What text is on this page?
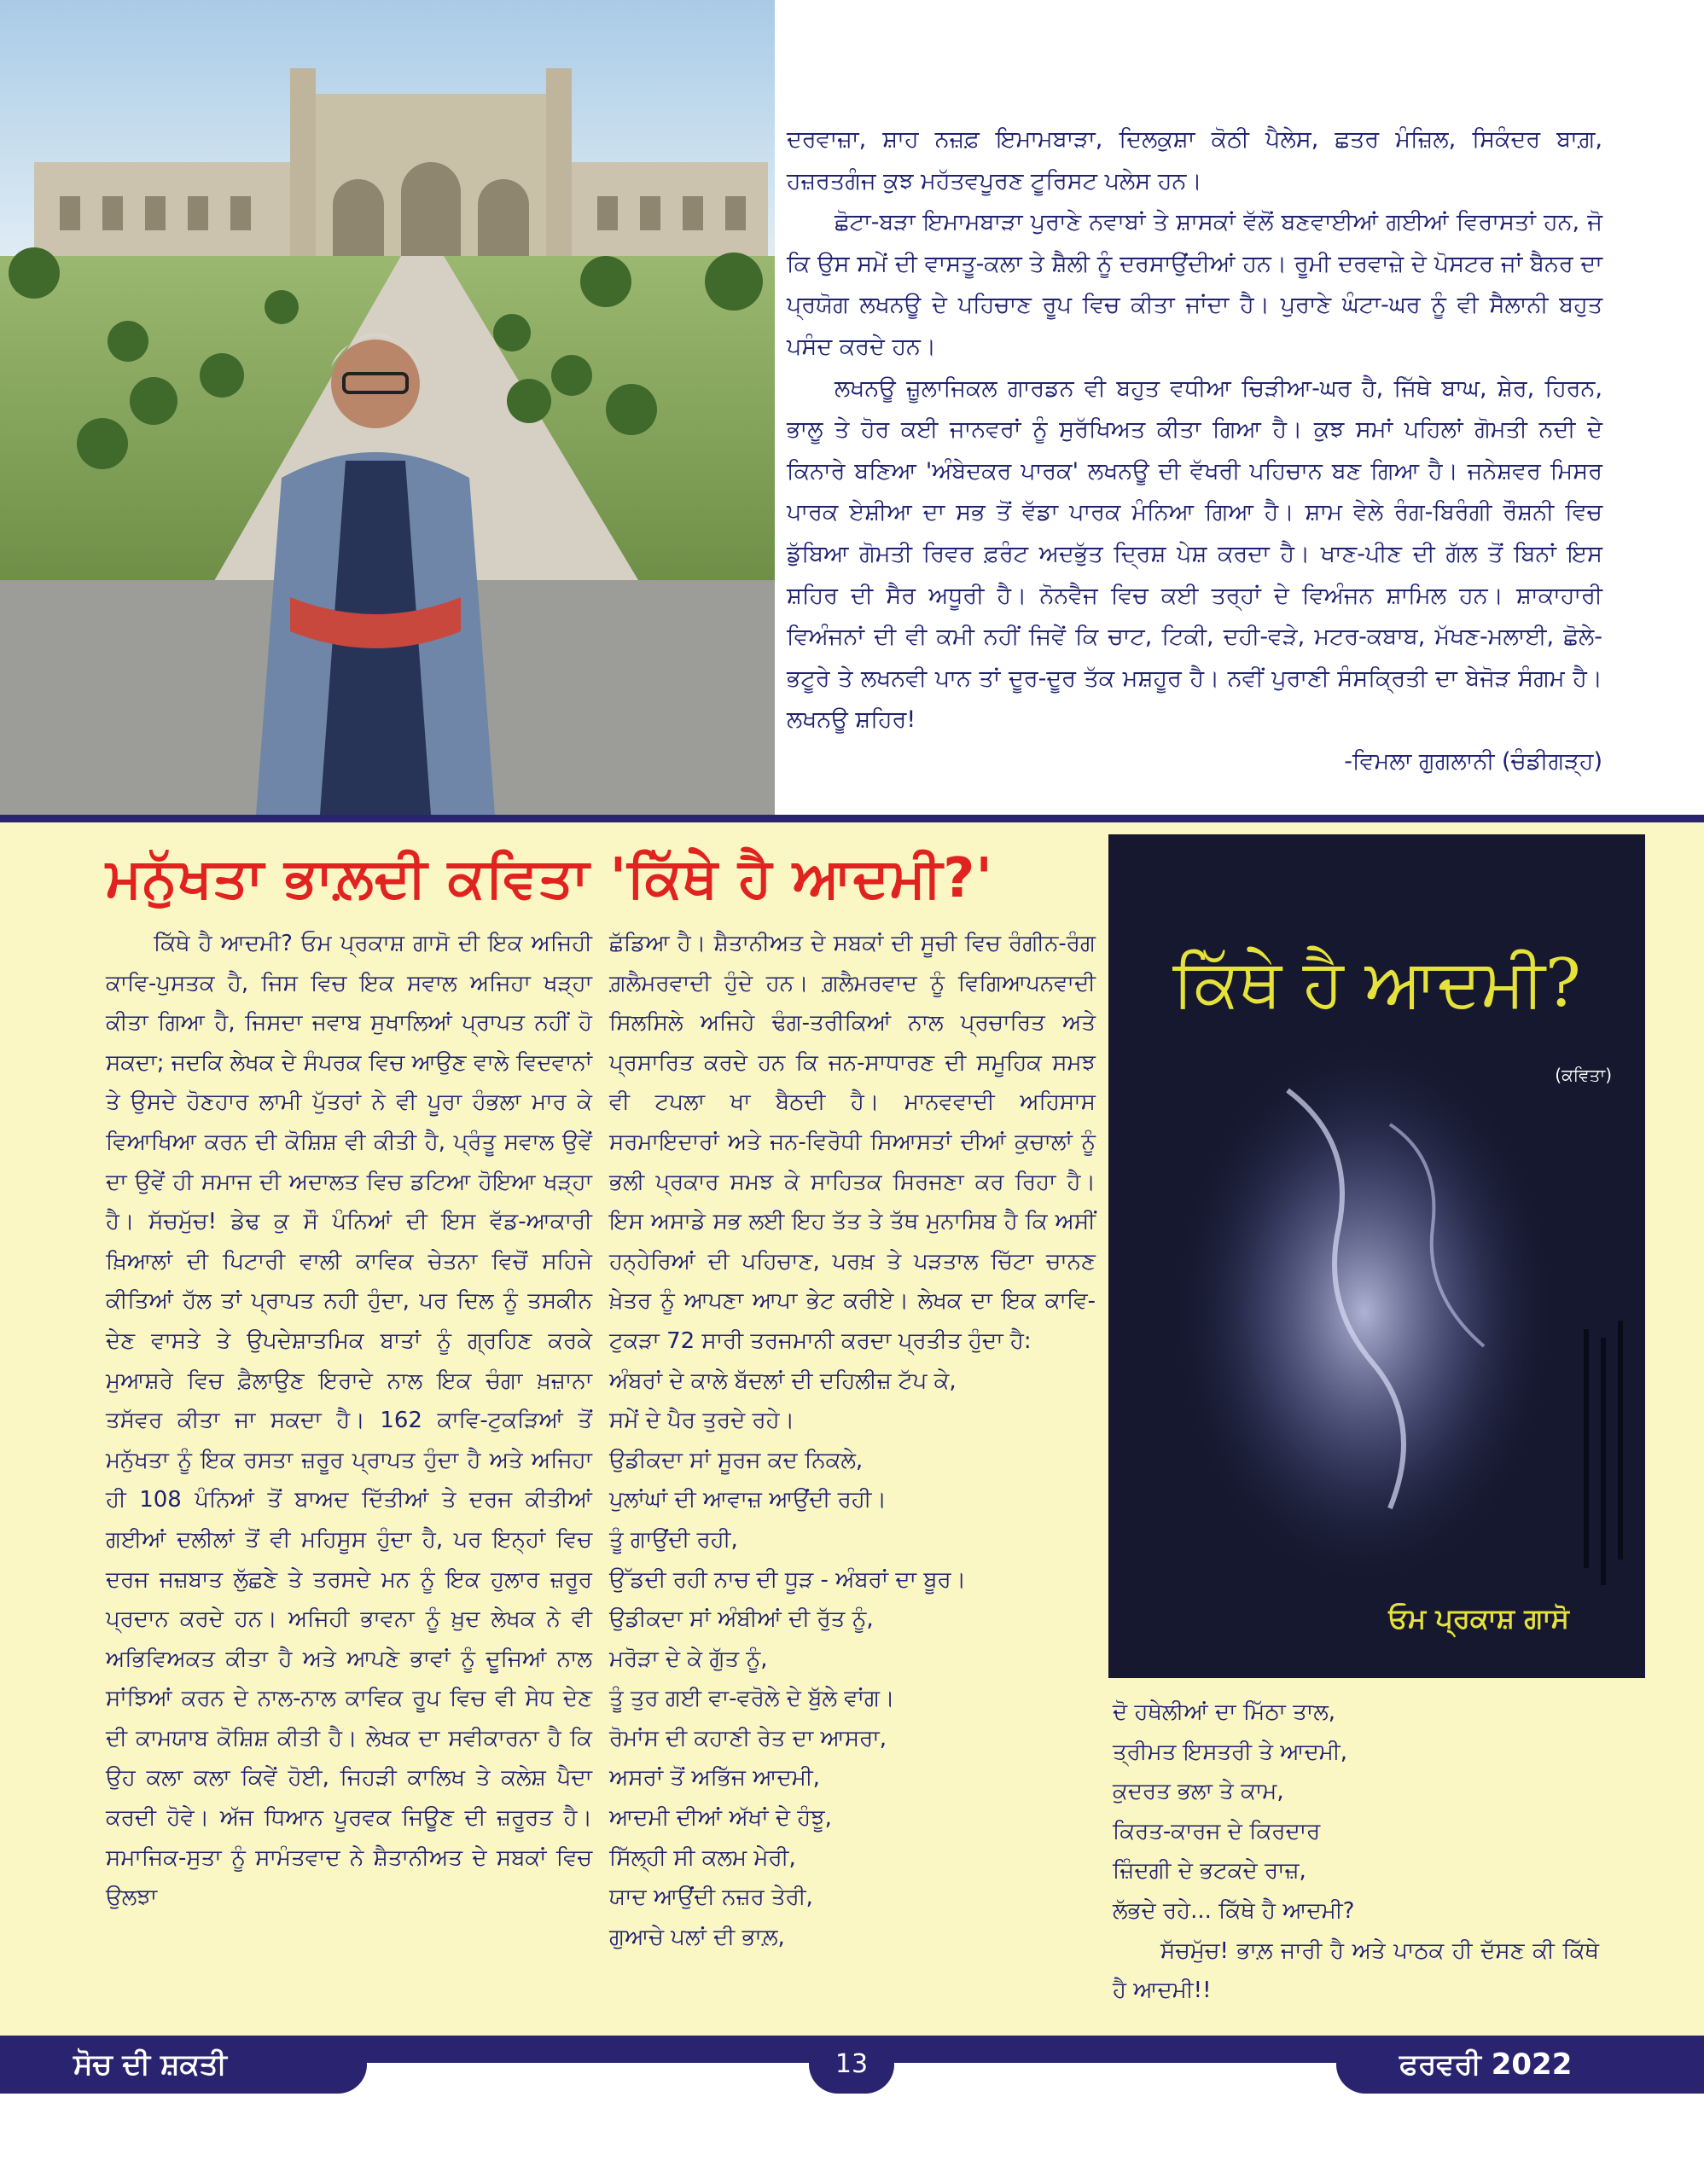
ਦਰਵਾਜ਼ਾ, ਸ਼ਾਹ ਨਜ਼ਫ਼ ਇਮਾਮਬਾੜਾ, ਦਿਲਕੁਸ਼ਾ ਕੋਠੀ ਪੈਲੇਸ, ਛਤਰ ਮੰਜ਼ਿਲ, ਸਿਕੰਦਰ ਬਾਗ਼, ਹਜ਼ਰਤਗੰਜ ਕੁਝ ਮਹੱਤਵਪੂਰਣ ਟੂਰਿਸਟ ਪਲੇਸ ਹਨ।

ਛੋਟਾ-ਬੜਾ ਇਮਾਮਬਾੜਾ ਪੁਰਾਣੇ ਨਵਾਬਾਂ ਤੇ ਸ਼ਾਸਕਾਂ ਵੱਲੋਂ ਬਣਵਾਈਆਂ ਗਈਆਂ ਵਿਰਾਸਤਾਂ ਹਨ, ਜੋ ਕਿ ਉਸ ਸਮੇਂ ਦੀ ਵਾਸਤੂ-ਕਲਾ ਤੇ ਸ਼ੈਲੀ ਨੂੰ ਦਰਸਾਉਂਦੀਆਂ ਹਨ। ਰੂਮੀ ਦਰਵਾਜ਼ੇ ਦੇ ਪੋਸਟਰ ਜਾਂ ਬੈਨਰ ਦਾ ਪ੍ਰਯੋਗ ਲਖਨਊ ਦੇ ਪਹਿਚਾਣ ਰੂਪ ਵਿਚ ਕੀਤਾ ਜਾਂਦਾ ਹੈ। ਪੁਰਾਣੇ ਘੰਟਾ-ਘਰ ਨੂੰ ਵੀ ਸੈਲਾਨੀ ਬਹੁਤ ਪਸੰਦ ਕਰਦੇ ਹਨ।

ਲਖਨਊ ਜ਼ੂਲਾਜਿਕਲ ਗਾਰਡਨ ਵੀ ਬਹੁਤ ਵਧੀਆ ਚਿੜੀਆ-ਘਰ ਹੈ, ਜਿੱਥੇ ਬਾਘ, ਸ਼ੇਰ, ਹਿਰਨ, ਭਾਲੂ ਤੇ ਹੋਰ ਕਈ ਜਾਨਵਰਾਂ ਨੂੰ ਸੁਰੱਖਿਅਤ ਕੀਤਾ ਗਿਆ ਹੈ। ਕੁਝ ਸਮਾਂ ਪਹਿਲਾਂ ਗੋਮਤੀ ਨਦੀ ਦੇ ਕਿਨਾਰੇ ਬਣਿਆ 'ਅੰਬੇਦਕਰ ਪਾਰਕ' ਲਖਨਊ ਦੀ ਵੱਖਰੀ ਪਹਿਚਾਨ ਬਣ ਗਿਆ ਹੈ। ਜਨੇਸ਼ਵਰ ਮਿਸਰ ਪਾਰਕ ਏਸ਼ੀਆ ਦਾ ਸਭ ਤੋਂ ਵੱਡਾ ਪਾਰਕ ਮੰਨਿਆ ਗਿਆ ਹੈ। ਸ਼ਾਮ ਵੇਲੇ ਰੰਗ-ਬਿਰੰਗੀ ਰੌਸ਼ਨੀ ਵਿਚ ਡੁੱਬਿਆ ਗੋਮਤੀ ਰਿਵਰ ਫ਼ਰੰਟ ਅਦਭੁੱਤ ਦ੍ਰਿਸ਼ ਪੇਸ਼ ਕਰਦਾ ਹੈ। ਖਾਣ-ਪੀਣ ਦੀ ਗੱਲ ਤੋਂ ਬਿਨਾਂ ਇਸ ਸ਼ਹਿਰ ਦੀ ਸੈਰ ਅਧੂਰੀ ਹੈ। ਨੋਨਵੈਜ ਵਿਚ ਕਈ ਤਰ੍ਹਾਂ ਦੇ ਵਿਅੰਜਨ ਸ਼ਾਮਿਲ ਹਨ। ਸ਼ਾਕਾਹਾਰੀ ਵਿਅੰਜਨਾਂ ਦੀ ਵੀ ਕਮੀ ਨਹੀਂ ਜਿਵੇਂ ਕਿ ਚਾਟ, ਟਿਕੀ, ਦਹੀ-ਵੜੇ, ਮਟਰ-ਕਬਾਬ, ਮੱਖਣ-ਮਲਾਈ, ਛੋਲੇ-ਭਟੂਰੇ ਤੇ ਲਖਨਵੀ ਪਾਨ ਤਾਂ ਦੂਰ-ਦੂਰ ਤੱਕ ਮਸ਼ਹੂਰ ਹੈ। ਨਵੀਂ ਪੁਰਾਣੀ ਸੰਸਕ੍ਰਿਤੀ ਦਾ ਬੇਜੋੜ ਸੰਗਮ ਹੈ। ਲਖਨਊ ਸ਼ਹਿਰ!

-ਵਿਮਲਾ ਗੁਗਲਾਨੀ (ਚੰਡੀਗੜ੍ਹ)

ਮਨੁੱਖਤਾ ਭਾਲ਼ਦੀ ਕਵਿਤਾ 'ਕਿੱਥੇ ਹੈ ਆਦਮੀ?'

ਕਿੱਥੇ ਹੈ ਆਦਮੀ? ਓਮ ਪ੍ਰਕਾਸ਼ ਗਾਸੋ ਦੀ ਇਕ ਅਜਿਹੀ ਕਾਵਿ-ਪੁਸਤਕ ਹੈ, ਜਿਸ ਵਿਚ ਇਕ ਸਵਾਲ ਅਜਿਹਾ ਖੜ੍ਹਾ ਕੀਤਾ ਗਿਆ ਹੈ, ਜਿਸਦਾ ਜਵਾਬ ਸੁਖਾਲਿਆਂ ਪ੍ਰਾਪਤ ਨਹੀਂ ਹੋ ਸਕਦਾ; ਜਦਕਿ ਲੇਖਕ ਦੇ ਸੰਪਰਕ ਵਿਚ ਆਉਣ ਵਾਲੇ ਵਿਦਵਾਨਾਂ ਤੇ ਉਸਦੇ ਹੋਣਹਾਰ ਲਾਮੀ ਪੁੱਤਰਾਂ ਨੇ ਵੀ ਪੂਰਾ ਹੰਭਲਾ ਮਾਰ ਕੇ ਵਿਆਖਿਆ ਕਰਨ ਦੀ ਕੋਸ਼ਿਸ਼ ਵੀ ਕੀਤੀ ਹੈ, ਪ੍ਰੰਤੂ ਸਵਾਲ ਉਵੇਂ ਦਾ ਉਵੇਂ ਹੀ ਸਮਾਜ ਦੀ ਅਦਾਲਤ ਵਿਚ ਡਟਿਆ ਹੋਇਆ ਖੜ੍ਹਾ ਹੈ। ਸੱਚਮੁੱਚ! ਡੇਢ ਕੁ ਸੌ ਪੰਨਿਆਂ ਦੀ ਇਸ ਵੱਡ-ਆਕਾਰੀ ਖ਼ਿਆਲਾਂ ਦੀ ਪਿਟਾਰੀ ਵਾਲੀ ਕਾਵਿਕ ਚੇਤਨਾ ਵਿਚੋਂ ਸਹਿਜੇ ਕੀਤਿਆਂ ਹੱਲ ਤਾਂ ਪ੍ਰਾਪਤ ਨਹੀ ਹੁੰਦਾ, ਪਰ ਦਿਲ ਨੂੰ ਤਸਕੀਨ ਦੇਣ ਵਾਸਤੇ ਤੇ ਉਪਦੇਸ਼ਾਤਮਿਕ ਬਾਤਾਂ ਨੂੰ ਗ੍ਰਹਿਣ ਕਰਕੇ ਮੁਆਸ਼ਰੇ ਵਿਚ ਫ਼ੈਲਾਉਣ ਇਰਾਦੇ ਨਾਲ ਇਕ ਚੰਗਾ ਖ਼ਜ਼ਾਨਾ ਤਸੱਵਰ ਕੀਤਾ ਜਾ ਸਕਦਾ ਹੈ। 162 ਕਾਵਿ-ਟੁਕੜਿਆਂ ਤੋਂ ਮਨੁੱਖਤਾ ਨੂੰ ਇਕ ਰਸਤਾ ਜ਼ਰੂਰ ਪ੍ਰਾਪਤ ਹੁੰਦਾ ਹੈ ਅਤੇ ਅਜਿਹਾ ਹੀ 108 ਪੰਨਿਆਂ ਤੋਂ ਬਾਅਦ ਦਿੱਤੀਆਂ ਤੇ ਦਰਜ ਕੀਤੀਆਂ ਗਈਆਂ ਦਲੀਲਾਂ ਤੋਂ ਵੀ ਮਹਿਸੂਸ ਹੁੰਦਾ ਹੈ, ਪਰ ਇਨ੍ਹਾਂ ਵਿਚ ਦਰਜ ਜਜ਼ਬਾਤ ਲੁੱਛਣੇ ਤੇ ਤਰਸਦੇ ਮਨ ਨੂੰ ਇਕ ਹੁਲਾਰ ਜ਼ਰੂਰ ਪ੍ਰਦਾਨ ਕਰਦੇ ਹਨ। ਅਜਿਹੀ ਭਾਵਨਾ ਨੂੰ ਖ਼ੁਦ ਲੇਖਕ ਨੇ ਵੀ ਅਭਿਵਿਅਕਤ ਕੀਤਾ ਹੈ ਅਤੇ ਆਪਣੇ ਭਾਵਾਂ ਨੂੰ ਦੂਜਿਆਂ ਨਾਲ ਸਾਂਝਿਆਂ ਕਰਨ ਦੇ ਨਾਲ-ਨਾਲ ਕਾਵਿਕ ਰੂਪ ਵਿਚ ਵੀ ਸੇਧ ਦੇਣ ਦੀ ਕਾਮਯਾਬ ਕੋਸ਼ਿਸ਼ ਕੀਤੀ ਹੈ। ਲੇਖਕ ਦਾ ਸਵੀਕਾਰਨਾ ਹੈ ਕਿ ਉਹ ਕਲਾ ਕਲਾ ਕਿਵੇਂ ਹੋਈ, ਜਿਹੜੀ ਕਾਲਿਖ ਤੇ ਕਲੇਸ਼ ਪੈਦਾ ਕਰਦੀ ਹੋਵੇ। ਅੱਜ ਧਿਆਨ ਪੂਰਵਕ ਜਿਊਣ ਦੀ ਜ਼ਰੂਰਤ ਹੈ। ਸਮਾਜਿਕ-ਸੁਤਾ ਨੂੰ ਸਾਮੰਤਵਾਦ ਨੇ ਸ਼ੈਤਾਨੀਅਤ ਦੇ ਸਬਕਾਂ ਵਿਚ ਉਲਝਾ

ਛੱਡਿਆ ਹੈ। ਸ਼ੈਤਾਨੀਅਤ ਦੇ ਸਬਕਾਂ ਦੀ ਸੂਚੀ ਵਿਚ ਰੰਗੀਨ-ਰੰਗ ਗ਼ਲੈਮਰਵਾਦੀ ਹੁੰਦੇ ਹਨ। ਗ਼ਲੈਮਰਵਾਦ ਨੂੰ ਵਿਗਿਆਪਨਵਾਦੀ ਸਿਲਸਿਲੇ ਅਜਿਹੇ ਢੰਗ-ਤਰੀਕਿਆਂ ਨਾਲ ਪ੍ਰਚਾਰਿਤ ਅਤੇ ਪ੍ਰਸਾਰਿਤ ਕਰਦੇ ਹਨ ਕਿ ਜਨ-ਸਾਧਾਰਣ ਦੀ ਸਮੂਹਿਕ ਸਮਝ ਵੀ ਟਪਲਾ ਖਾ ਬੈਠਦੀ ਹੈ। ਮਾਨਵਵਾਦੀ ਅਹਿਸਾਸ ਸਰਮਾਇਦਾਰਾਂ ਅਤੇ ਜਨ-ਵਿਰੋਧੀ ਸਿਆਸਤਾਂ ਦੀਆਂ ਕੁਚਾਲਾਂ ਨੂੰ ਭਲੀ ਪ੍ਰਕਾਰ ਸਮਝ ਕੇ ਸਾਹਿਤਕ ਸਿਰਜਣਾ ਕਰ ਰਿਹਾ ਹੈ। ਇਸ ਅਸਾਡੇ ਸਭ ਲਈ ਇਹ ਤੱਤ ਤੇ ਤੱਥ ਮੁਨਾਸਿਬ ਹੈ ਕਿ ਅਸੀਂ ਹਨ੍ਹੇਰਿਆਂ ਦੀ ਪਹਿਚਾਣ, ਪਰਖ਼ ਤੇ ਪੜਤਾਲ ਚਿੱਟਾ ਚਾਨਣ ਖ਼ੇਤਰ ਨੂੰ ਆਪਣਾ ਆਪਾ ਭੇਟ ਕਰੀਏ। ਲੇਖਕ ਦਾ ਇਕ ਕਾਵਿ-ਟੁਕੜਾ 72 ਸਾਰੀ ਤਰਜਮਾਨੀ ਕਰਦਾ ਪ੍ਰਤੀਤ ਹੁੰਦਾ ਹੈ:

ਅੰਬਰਾਂ ਦੇ ਕਾਲੇ ਬੱਦਲਾਂ ਦੀ ਦਹਿਲੀਜ਼ ਟੱਪ ਕੇ,

ਸਮੇਂ ਦੇ ਪੈਰ ਤੁਰਦੇ ਰਹੇ।

ਉਡੀਕਦਾ ਸਾਂ ਸੂਰਜ ਕਦ ਨਿਕਲੇ,

ਪੁਲਾਂਘਾਂ ਦੀ ਆਵਾਜ਼ ਆਉਂਦੀ ਰਹੀ।

ਤੂੰ ਗਾਉਂਦੀ ਰਹੀ,

ਉੱਡਦੀ ਰਹੀ ਨਾਚ ਦੀ ਧੂੜ - ਅੰਬਰਾਂ ਦਾ ਬੂਰ।

ਉਡੀਕਦਾ ਸਾਂ ਅੰਬੀਆਂ ਦੀ ਰੁੱਤ ਨੂੰ,

ਮਰੋੜਾ ਦੇ ਕੇ ਗੁੱਤ ਨੂੰ,

ਤੂੰ ਤੁਰ ਗਈ ਵਾ-ਵਰੋਲੇ ਦੇ ਬੁੱਲੇ ਵਾਂਗ।

ਰੋਮਾਂਸ ਦੀ ਕਹਾਣੀ ਰੇਤ ਦਾ ਆਸਰਾ,

ਅਸਰਾਂ ਤੋਂ ਅਭਿੱਜ ਆਦਮੀ,

ਆਦਮੀ ਦੀਆਂ ਅੱਖਾਂ ਦੇ ਹੰਝੂ,

ਸਿੱਲ੍ਹੀ ਸੀ ਕਲਮ ਮੇਰੀ,

ਯਾਦ ਆਉਂਦੀ ਨਜ਼ਰ ਤੇਰੀ,

ਗੁਆਚੇ ਪਲਾਂ ਦੀ ਭਾਲ਼,

ਕਿੱਥੇ ਹੈ ਆਦਮੀ?
(ਕਵਿਤਾ)
ਓਮ ਪ੍ਰਕਾਸ਼ ਗਾਸੋ

ਦੋ ਹਥੇਲੀਆਂ ਦਾ ਮਿੱਠਾ ਤਾਲ,

ਤ੍ਰੀਮਤ ਇਸਤਰੀ ਤੇ ਆਦਮੀ,

ਕੁਦਰਤ ਭਲਾ ਤੇ ਕਾਮ,

ਕਿਰਤ-ਕਾਰਜ ਦੇ ਕਿਰਦਾਰ

ਜ਼ਿੰਦਗੀ ਦੇ ਭਟਕਦੇ ਰਾਜ਼,

ਲੱਭਦੇ ਰਹੇ... ਕਿੱਥੇ ਹੈ ਆਦਮੀ?

ਸੱਚਮੁੱਚ! ਭਾਲ਼ ਜਾਰੀ ਹੈ ਅਤੇ ਪਾਠਕ ਹੀ ਦੱਸਣ ਕੀ ਕਿੱਥੇ ਹੈ ਆਦਮੀ!!

ਸੋਚ ਦੀ ਸ਼ਕਤੀ	13	ਫਰਵਰੀ 2022
